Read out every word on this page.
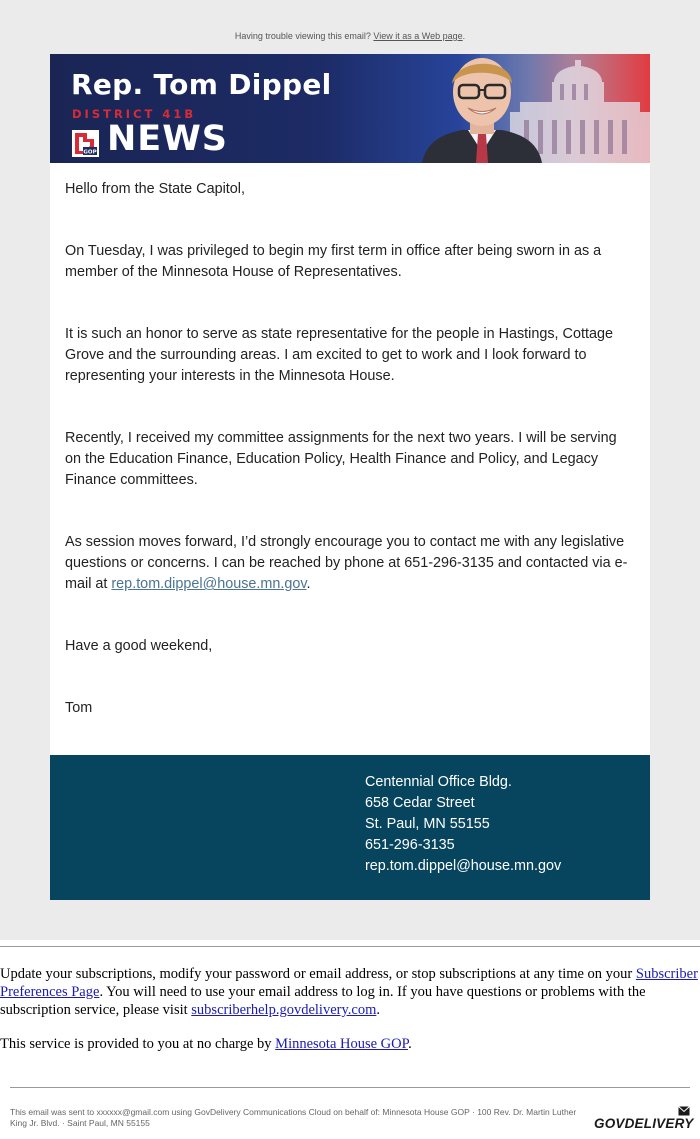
Having trouble viewing this email? View it as a Web page.
Rep. Tom Dippel
DISTRICT 41B
GOP NEWS

Hello from the State Capitol,

On Tuesday, I was privileged to begin my first term in office after being sworn in as a member of the Minnesota House of Representatives.

It is such an honor to serve as state representative for the people in Hastings, Cottage Grove and the surrounding areas. I am excited to get to work and I look forward to representing your interests in the Minnesota House.

Recently, I received my committee assignments for the next two years. I will be serving on the Education Finance, Education Policy, Health Finance and Policy, and Legacy Finance committees.

As session moves forward, I’d strongly encourage you to contact me with any legislative questions or concerns. I can be reached by phone at 651-296-3135 and contacted via e-mail at rep.tom.dippel@house.mn.gov.

Have a good weekend,

Tom

Centennial Office Bldg.
658 Cedar Street
St. Paul, MN 55155
651-296-3135
rep.tom.dippel@house.mn.gov
Update your subscriptions, modify your password or email address, or stop subscriptions at any time on your Subscriber Preferences Page. You will need to use your email address to log in. If you have questions or problems with the subscription service, please visit subscriberhelp.govdelivery.com.
This service is provided to you at no charge by Minnesota House GOP.
This email was sent to xxxxxx@gmail.com using GovDelivery Communications Cloud on behalf of: Minnesota House GOP · 100 Rev. Dr. Martin Luther King Jr. Blvd. · Saint Paul, MN 55155	GOVDELIVERY
